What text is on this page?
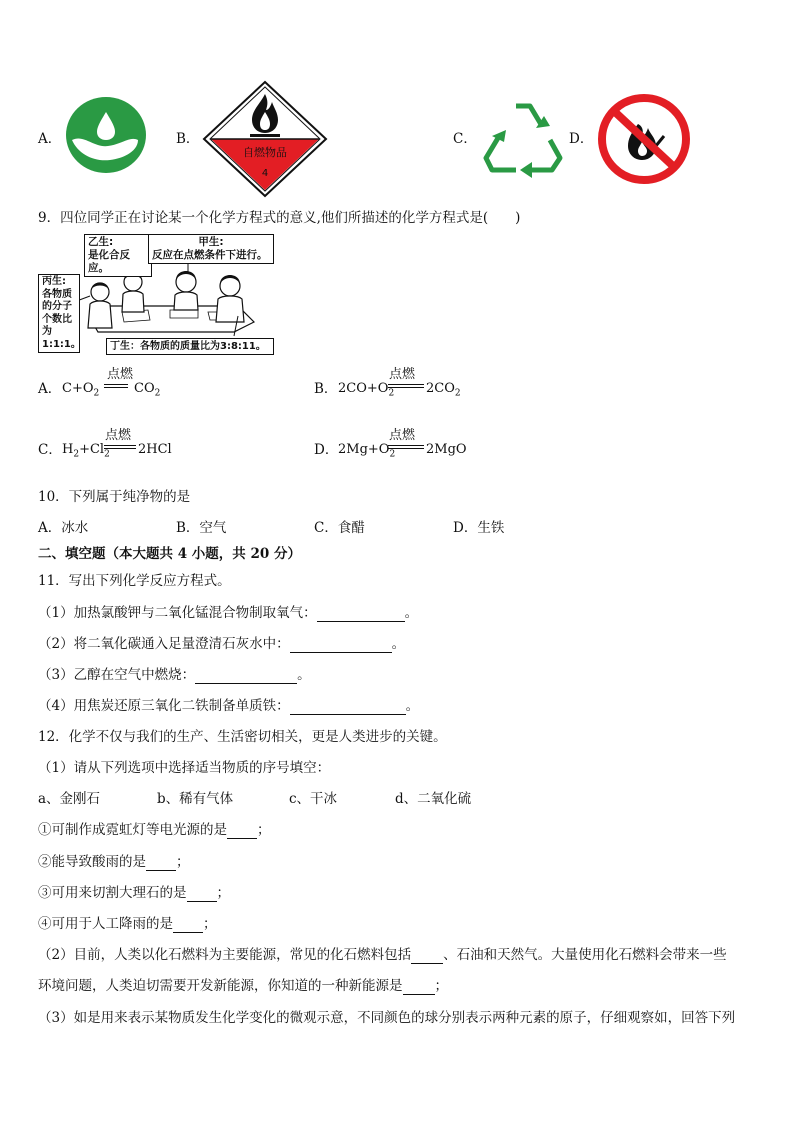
A．	B．
自燃物品
4
C．	D．
9．四位同学正在讨论某一个化学方程式的意义,他们所描述的化学方程式是(　　)
乙生:
是化合反应。
甲生:
反应在点燃条件下进行。
丙生:
各物质
的分子
个数比
为1:1:1。	丁生：各物质的质量比为3:8:11。
A． $C+O_2$
点燃
$CO_2$	B． $2CO+O_2$
点燃
$2CO_2$
C． $H_2+Cl_2$
点燃
2HCl	D． $2Mg+O_2$
点燃
2MgO
10．下列属于纯净物的是
A．冰水	B．空气	C．食醋	D．生铁
二、填空题（本大题共 4 小题，共 20 分）
11．写出下列化学反应方程式。
（1）加热氯酸钾与二氧化锰混合物制取氧气：	。
（2）将二氧化碳通入足量澄清石灰水中：	。
（3）乙醇在空气中燃烧：	。
（4）用焦炭还原三氧化二铁制备单质铁：	。
12．化学不仅与我们的生产、生活密切相关，更是人类进步的关键。
（1）请从下列选项中选择适当物质的序号填空：
a、金刚石	b、稀有气体	c、干冰	d、二氧化硫
①可制作成霓虹灯等电光源的是 ；
②能导致酸雨的是 ；
③可用来切割大理石的是 ；
④可用于人工降雨的是 ；
（2）目前，人类以化石燃料为主要能源，常见的化石燃料包括 、石油和天然气。大量使用化石燃料会带来一些
环境问题，人类迫切需要开发新能源，你知道的一种新能源是 ；
（3）如是用来表示某物质发生化学变化的微观示意，不同颜色的球分别表示两种元素的原子，仔细观察如，回答下列
